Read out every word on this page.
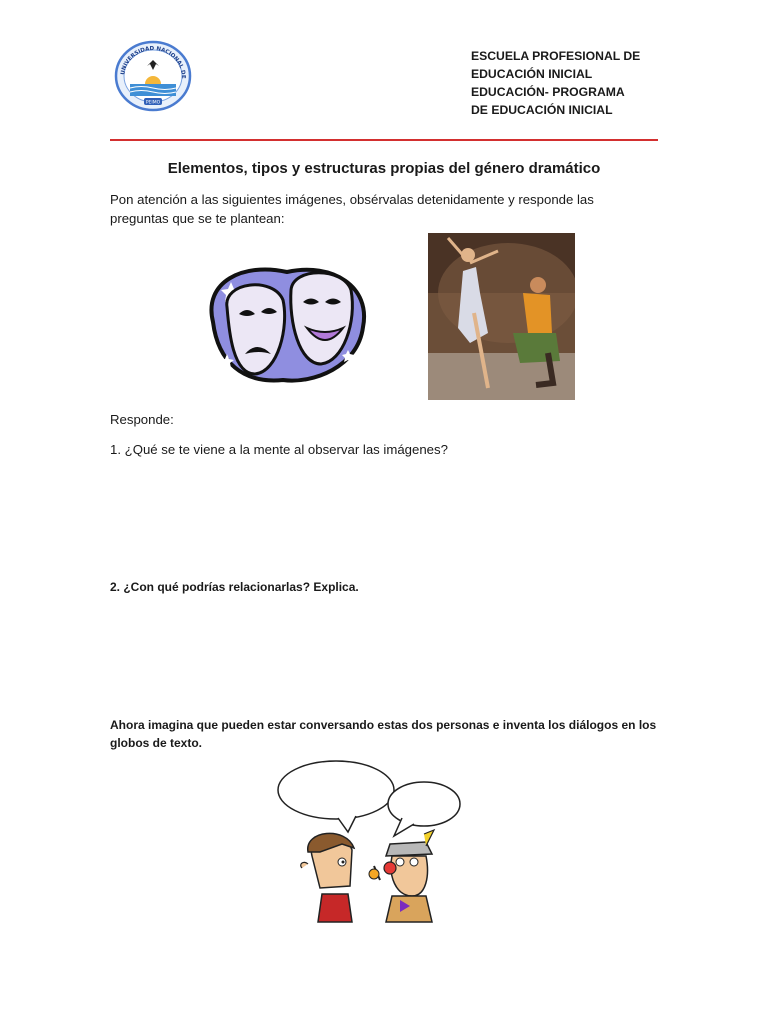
UNIVERSIDAD NACIONAL DE
PEIMO
ESCUELA PROFESIONAL DE
EDUCACIÓN INICIAL
EDUCACIÓN- PROGRAMA
DE EDUCACIÓN INICIAL
Elementos, tipos y estructuras propias del género dramático
Pon atención a las siguientes imágenes, obsérvalas detenidamente y responde las preguntas que se te plantean:
Responde:
1. ¿Qué se te viene a la mente al observar las imágenes?
2. ¿Con qué podrías relacionarlas? Explica.
Ahora imagina que pueden estar conversando estas dos personas e inventa los diálogos en los globos de texto.
